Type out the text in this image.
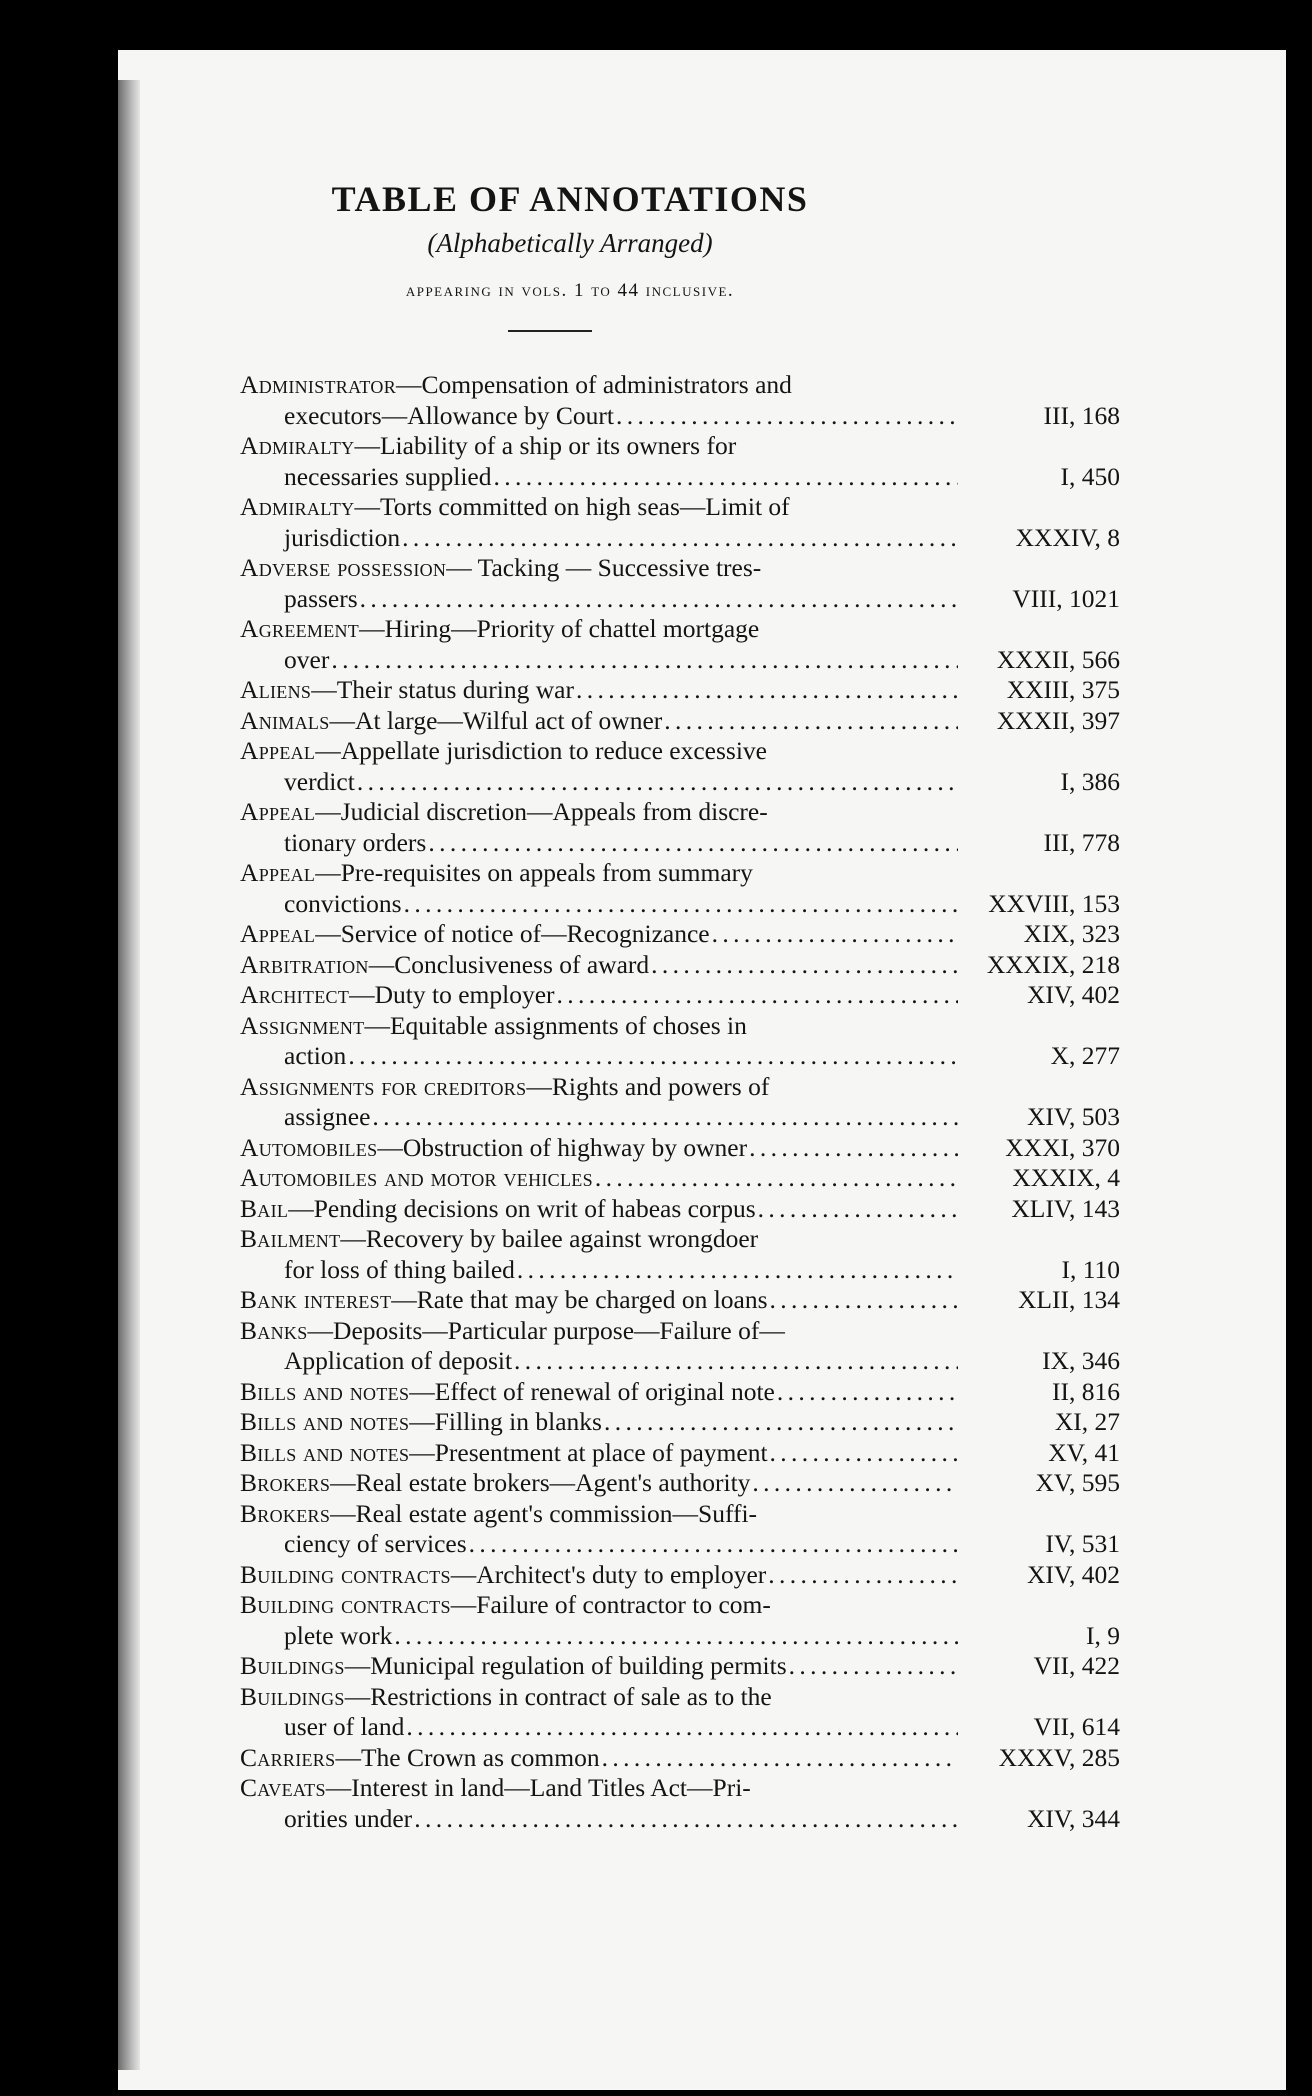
TABLE OF ANNOTATIONS
(Alphabetically Arranged)
appearing in vols. 1 to 44 inclusive.
Administrator —Compensation of administrators and
executors—Allowance by Court . . .	III, 168
Admiralty —Liability of a ship or its owners for
necessaries supplied . . .	I, 450
Admiralty —Torts committed on high seas—Limit of
jurisdiction . . .	XXXIV, 8
Adverse possession — Tacking — Successive tres-
passers . . .	VIII, 1021
Agreement —Hiring—Priority of chattel mortgage
over . . .	XXXII, 566
Aliens —Their status during war . . .	XXIII, 375
Animals —At large—Wilful act of owner . . .	XXXII, 397
Appeal —Appellate jurisdiction to reduce excessive
verdict . . .	I, 386
Appeal —Judicial discretion—Appeals from discre-
tionary orders . . .	III, 778
Appeal —Pre-requisites on appeals from summary
convictions . . .	XXVIII, 153
Appeal —Service of notice of—Recognizance . . .	XIX, 323
Arbitration —Conclusiveness of award . . .	XXXIX, 218
Architect —Duty to employer . . .	XIV, 402
Assignment —Equitable assignments of choses in
action . . .	X, 277
Assignments for creditors —Rights and powers of
assignee . . .	XIV, 503
Automobiles —Obstruction of highway by owner . . .	XXXI, 370
Automobiles and motor vehicles . . .	XXXIX, 4
Bail —Pending decisions on writ of habeas corpus . . .	XLIV, 143
Bailment —Recovery by bailee against wrongdoer
for loss of thing bailed . . .	I, 110
Bank interest —Rate that may be charged on loans . . .	XLII, 134
Banks —Deposits—Particular purpose—Failure of—
Application of deposit . . .	IX, 346
Bills and notes —Effect of renewal of original note . . .	II, 816
Bills and notes —Filling in blanks . . .	XI, 27
Bills and notes —Presentment at place of payment . . .	XV, 41
Brokers —Real estate brokers—Agent's authority . . .	XV, 595
Brokers —Real estate agent's commission—Suffi-
ciency of services . . .	IV, 531
Building contracts —Architect's duty to employer . . .	XIV, 402
Building contracts —Failure of contractor to com-
plete work . . .	I, 9
Buildings —Municipal regulation of building permits . . .	VII, 422
Buildings —Restrictions in contract of sale as to the
user of land . . .	VII, 614
Carriers —The Crown as common . . .	XXXV, 285
Caveats —Interest in land—Land Titles Act—Pri-
orities under . . .	XIV, 344
